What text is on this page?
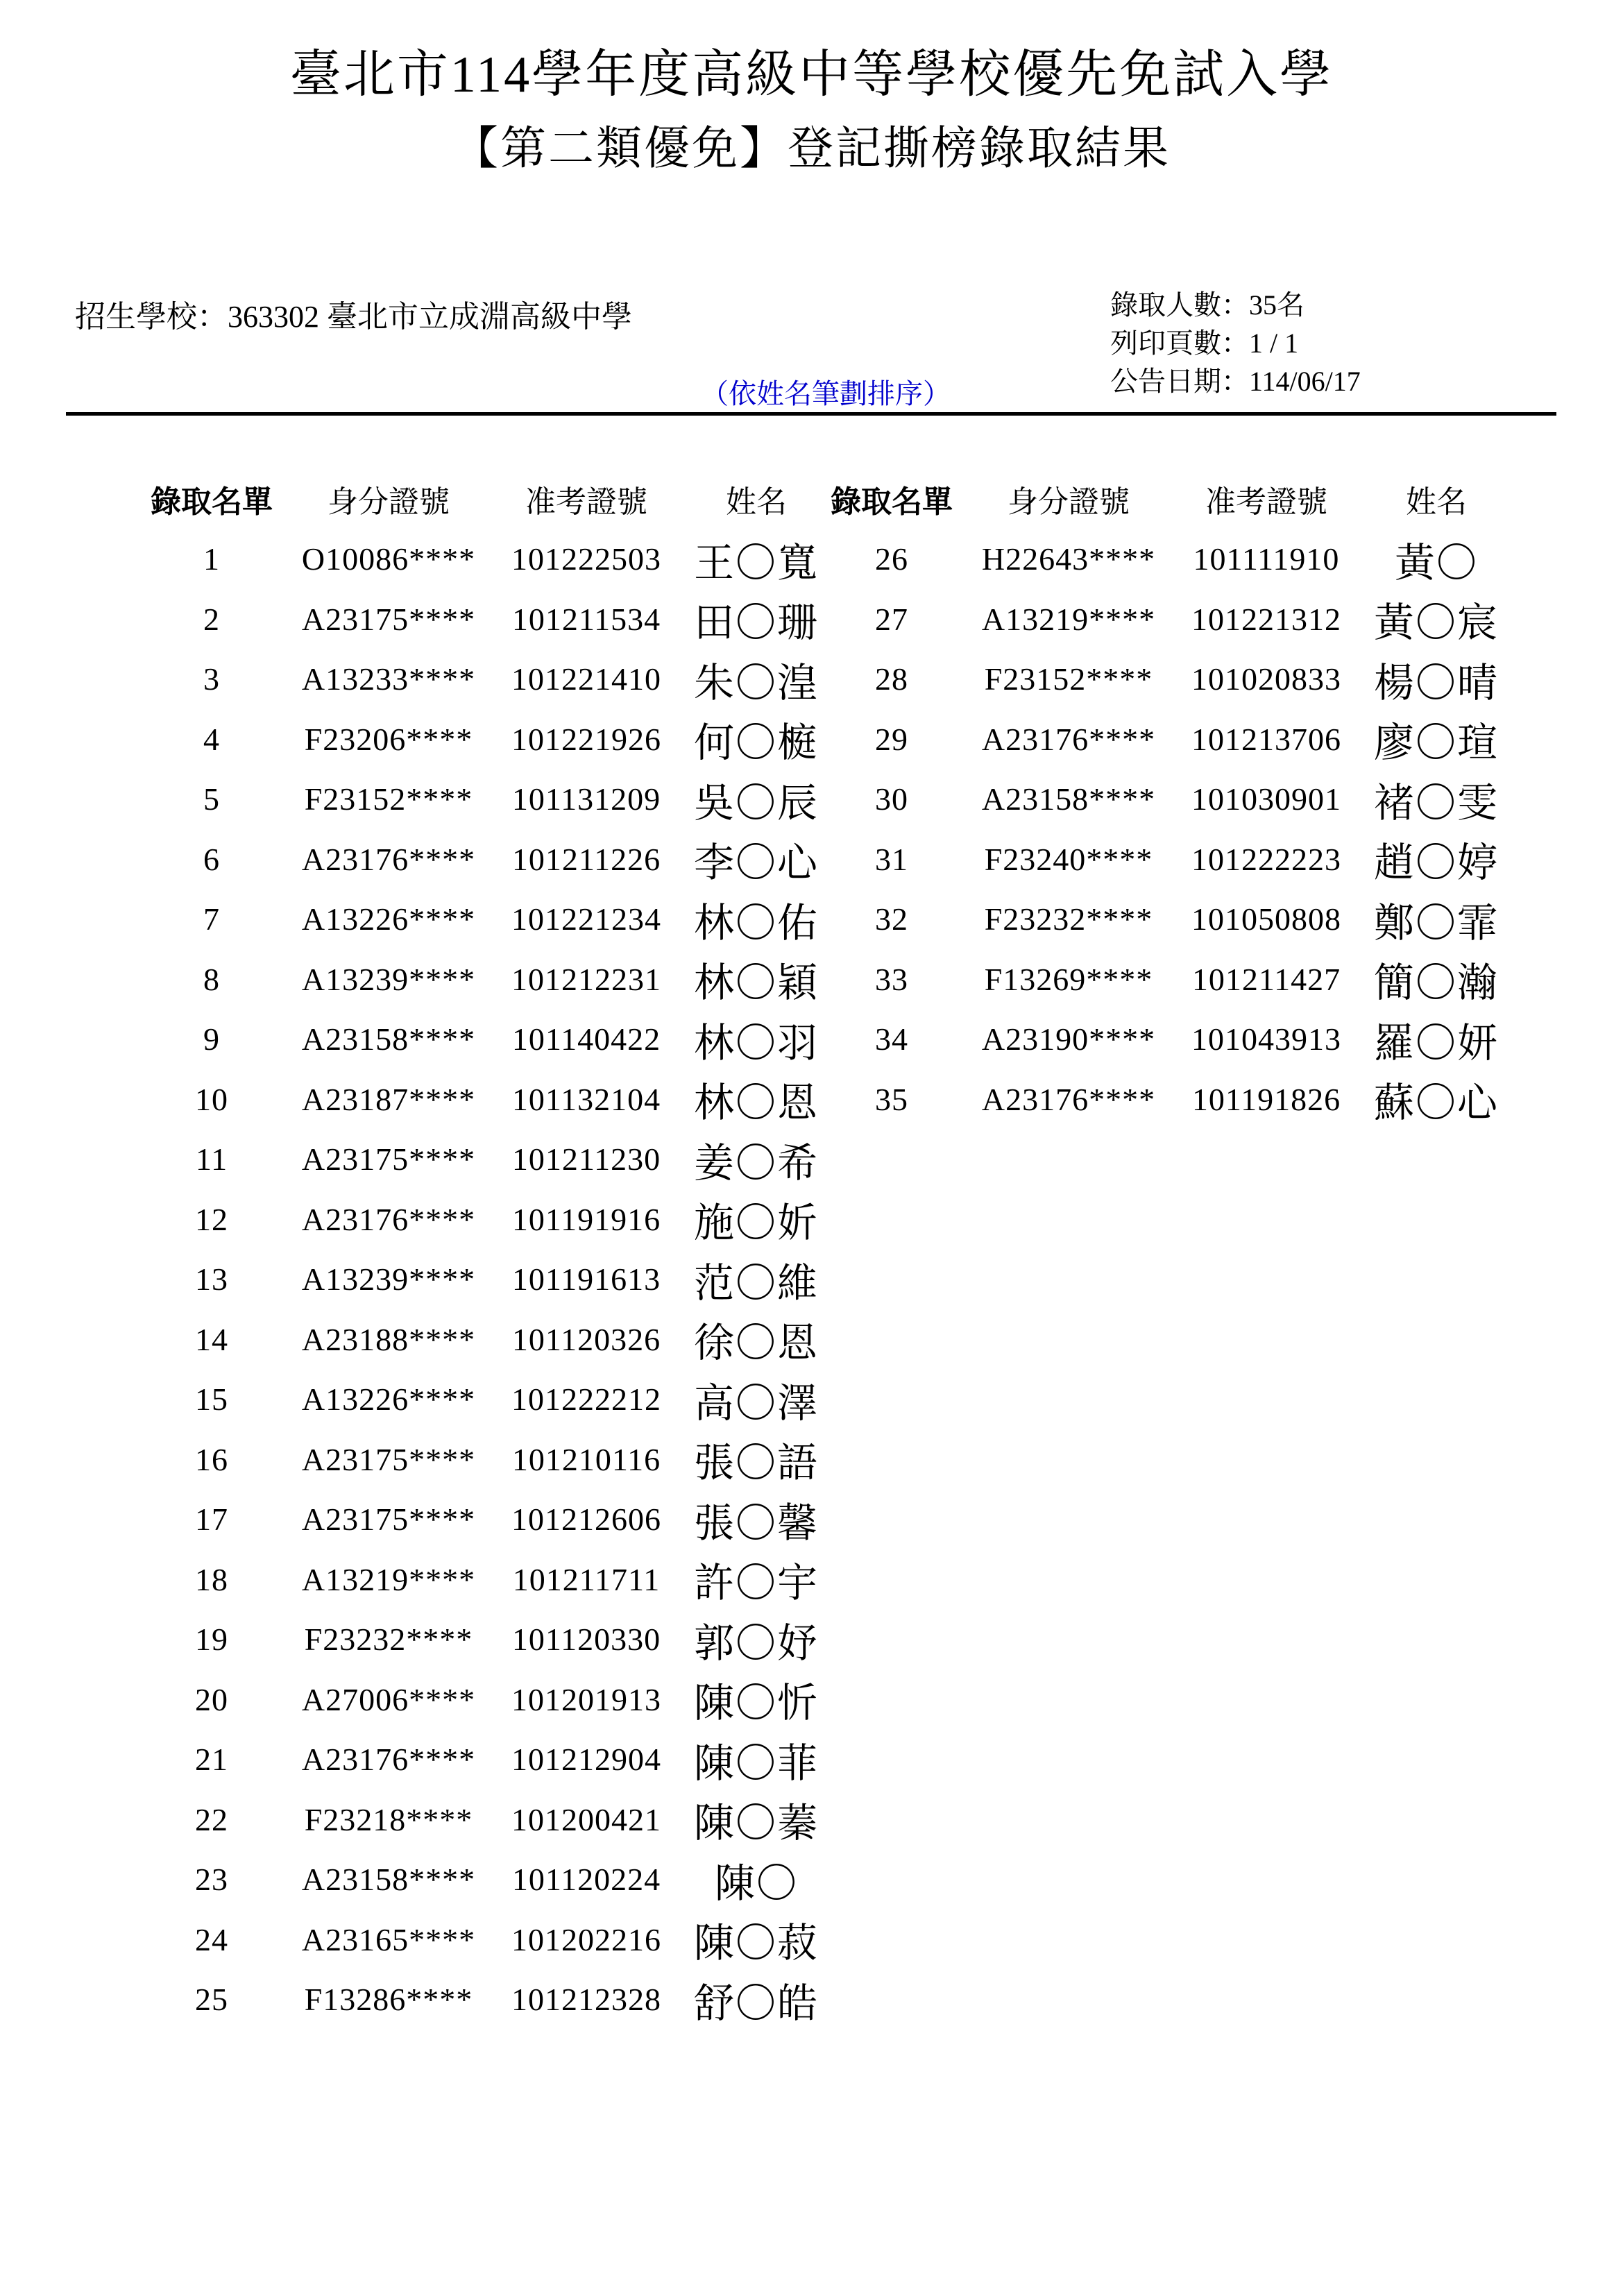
臺北市114學年度高級中等學校優先免試入學
【第二類優免】登記撕榜錄取結果
招生學校：363302 臺北市立成淵高級中學
（依姓名筆劃排序）
錄取人數：35名
列印頁數：1 / 1
公告日期：114/06/17
錄取名單	身分證號	准考證號	姓名
1	O10086****	101222503 王〇寬
2	A23175****	101211534 田〇珊
3	A13233****	101221410 朱〇湟
4	F23206****	101221926 何〇榳
5	F23152****	101131209 吳〇辰
6	A23176****	101211226 李〇心
7	A13226****	101221234 林〇佑
8	A13239****	101212231 林〇穎
9	A23158****	101140422 林〇羽
10	A23187****	101132104 林〇恩
11	A23175****	101211230 姜〇希
12	A23176****	101191916 施〇妡
13	A13239****	101191613 范〇維
14	A23188****	101120326 徐〇恩
15	A13226****	101222212 高〇澤
16	A23175****	101210116 張〇語
17	A23175****	101212606 張〇馨
18	A13219****	101211711 許〇宇
19	F23232****	101120330 郭〇妤
20	A27006****	101201913 陳〇忻
21	A23176****	101212904 陳〇菲
22	F23218****	101200421 陳〇蓁
23	A23158****	101120224	陳〇
24	A23165****	101202216 陳〇菽
25	F13286****	101212328 舒〇皓
錄取名單	身分證號	准考證號	姓名
26	H22643****	101111910	黃〇
27	A13219****	101221312 黃〇宸
28	F23152****	101020833 楊〇晴
29	A23176****	101213706 廖〇瑄
30	A23158****	101030901 褚〇雯
31	F23240****	101222223 趙〇婷
32	F23232****	101050808 鄭〇霏
33	F13269****	101211427 簡〇瀚
34	A23190****	101043913 羅〇妍
35	A23176****	101191826 蘇〇心
